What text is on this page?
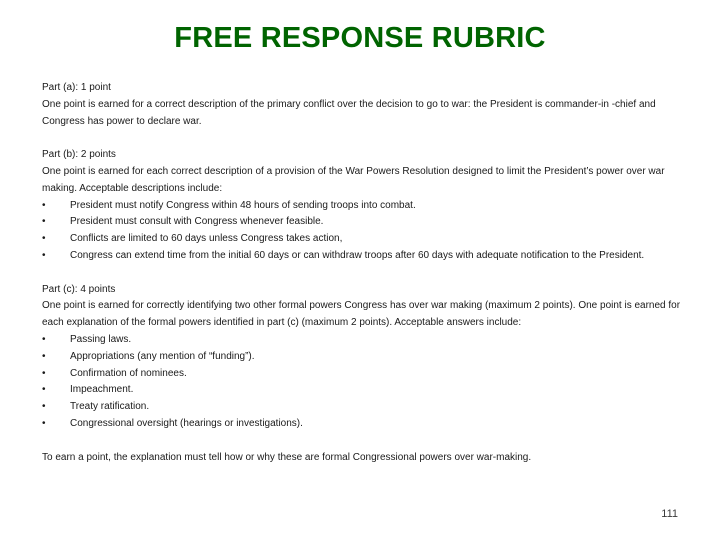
FREE RESPONSE RUBRIC

Part (a): 1 point

One point is earned for a correct description of the primary conflict over the decision to go to war: the President is commander-in -chief and Congress has power to declare war.

Part (b): 2 points

One point is earned for each correct description of a provision of the War Powers Resolution designed to limit the President’s power over war making. Acceptable descriptions include:

• President must notify Congress within 48 hours of sending troops into combat.
• President must consult with Congress whenever feasible.
• Conflicts are limited to 60 days unless Congress takes action,
• Congress can extend time from the initial 60 days or can withdraw troops after 60 days with adequate notification to the President.

Part (c): 4 points

One point is earned for correctly identifying two other formal powers Congress has over war making (maximum 2 points). One point is earned for each explanation of the formal powers identified in part (c) (maximum 2 points). Acceptable answers include:

• Passing laws.
• Appropriations (any mention of “funding”).
• Confirmation of nominees.
• Impeachment.
• Treaty ratification.
• Congressional oversight (hearings or investigations).

To earn a point, the explanation must tell how or why these are formal Congressional powers over war-making.

111
